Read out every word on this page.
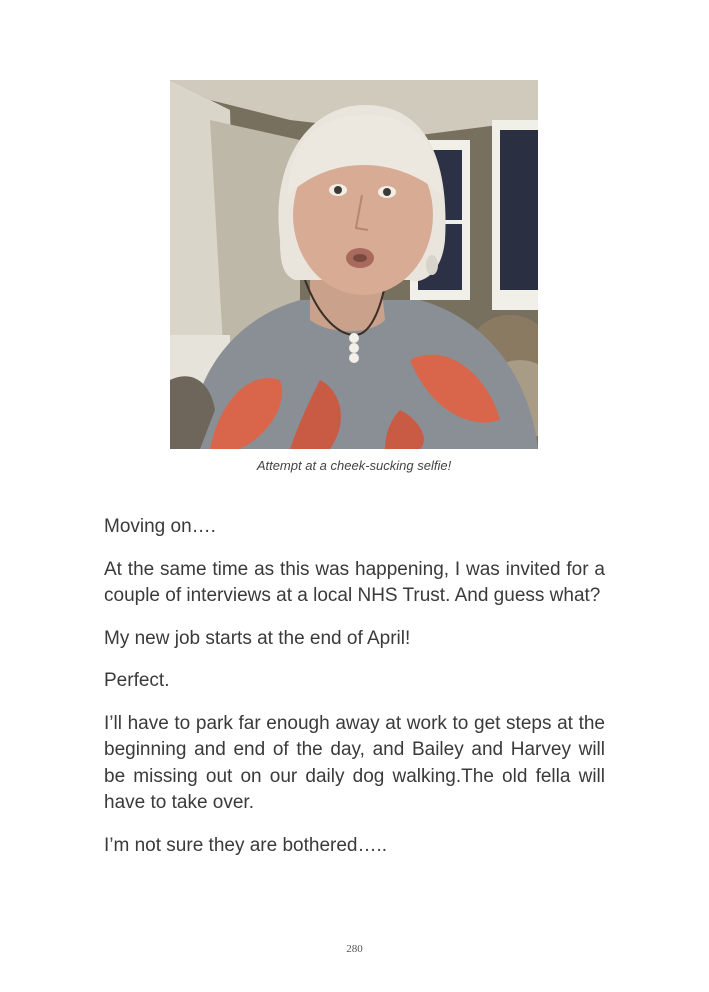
Attempt at a cheek-sucking selfie!

Moving on….

At the same time as this was happening, I was invited for a couple of interviews at a local NHS Trust. And guess what?

My new job starts at the end of April!

Perfect.

I’ll have to park far enough away at work to get steps at the beginning and end of the day, and Bailey and Harvey will be missing out on our daily dog walking.The old fella will have to take over.

I’m not sure they are bothered…..

280
